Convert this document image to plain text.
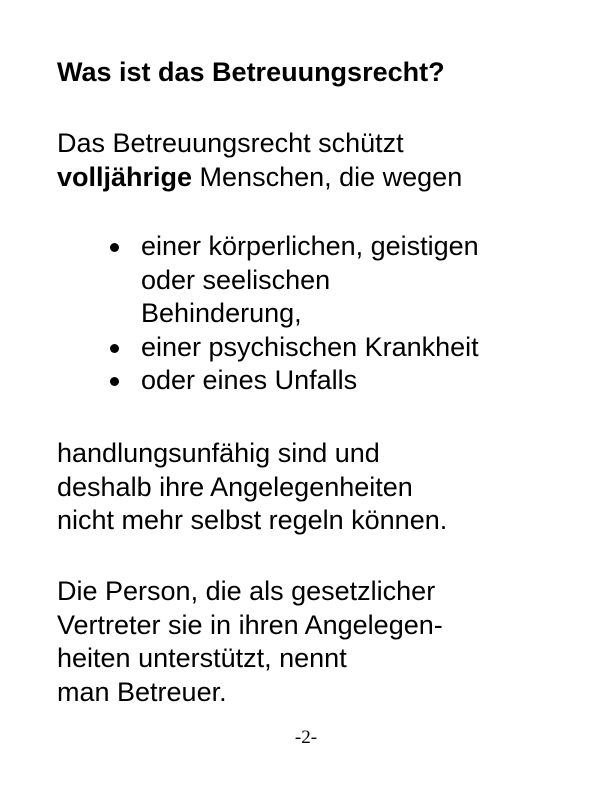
Was ist das Betreuungsrecht?

Das Betreuungsrecht schützt
volljährige Menschen, die wegen

einer körperlichen, geistigen
oder seelischen
Behinderung,
einer psychischen Krankheit
oder eines Unfalls

handlungsunfähig sind und
deshalb ihre Angelegenheiten
nicht mehr selbst regeln können.

Die Person, die als gesetzlicher
Vertreter sie in ihren Angelegen-
heiten unterstützt, nennt
man Betreuer.

-2-
